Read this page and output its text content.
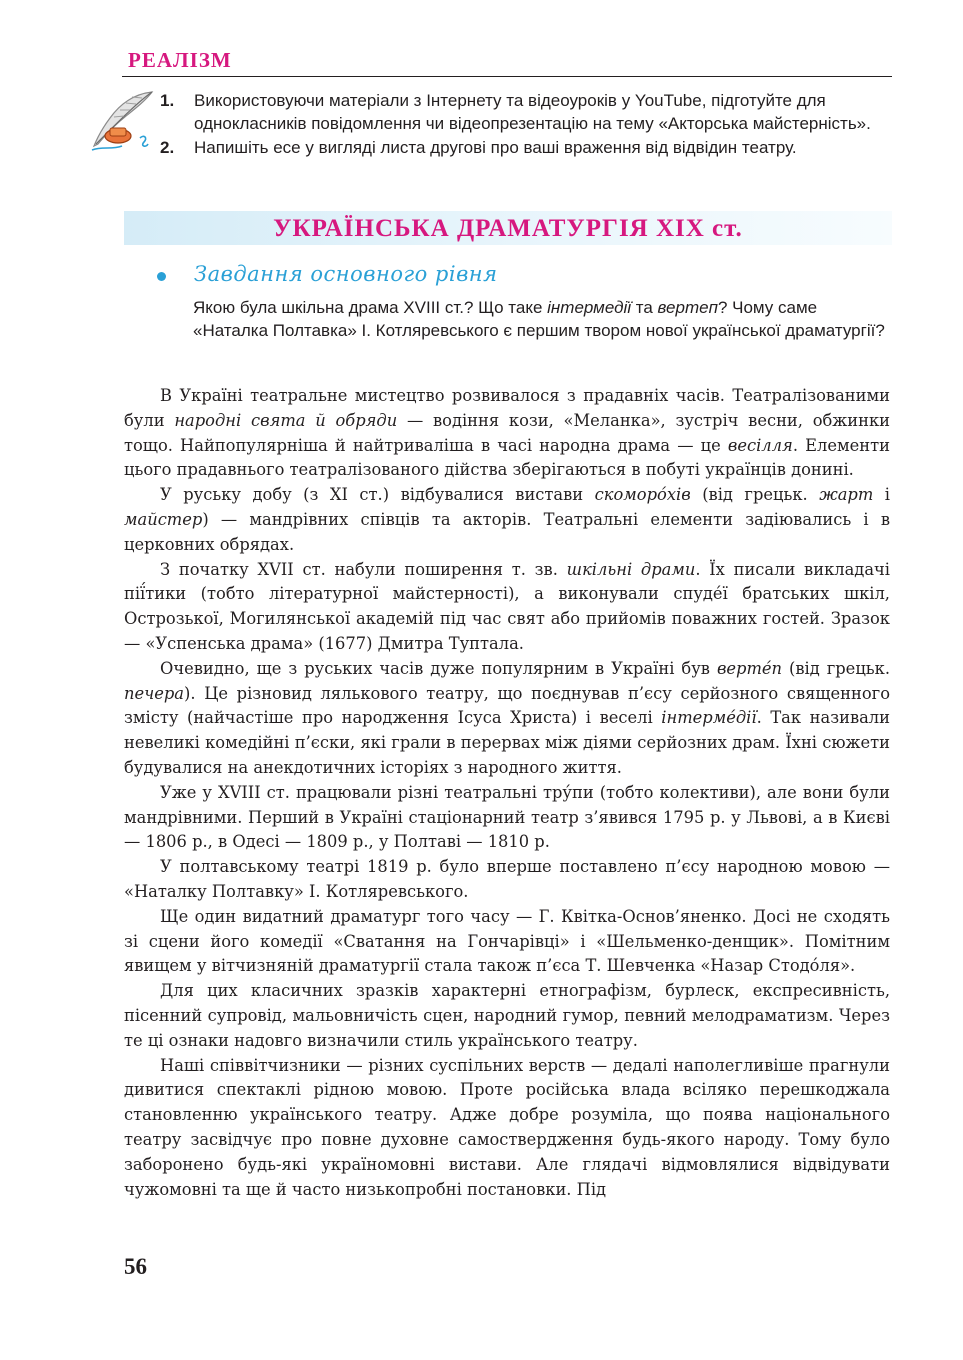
РЕАЛІЗМ
1. Використовуючи матеріали з Інтернету та відеоуроків у YouTube, підготуйте для однокласників повідомлення чи відеопрезентацію на тему «Акторська майстерність».
2. Напишіть есе у вигляді листа другові про ваші враження від відвідин театру.
УКРАЇНСЬКА ДРАМАТУРГІЯ XIX ст.
Завдання основного рівня
Якою була шкільна драма XVIII ст.? Що таке інтермедії та вертеп? Чому саме «Наталка Полтавка» І. Котляревського є першим твором нової української драматургії?

В Україні театральне мистецтво розвивалося з прадавніх часів. Театралізованими були народні свята й обряди — водіння кози, «Меланка», зустріч весни, обжинки тощо. Найпопулярніша й найтриваліша в часі народна драма — це весілля. Елементи цього прадавнього театралізованого дійства зберігаються в побуті українців донині.

У руську добу (з XI ст.) відбувалися вистави скоморо́хів (від грецьк. жарт і майстер) — мандрівних співців та акторів. Театральні елементи задіювались і в церковних обрядах.

З початку XVII ст. набули поширення т. зв. шкільні драми. Їх писали викладачі пії́тики (тобто літературної майстерності), а виконували спуде́ї братських шкіл, Острозької, Могилянської академій під час свят або прийомів поважних гостей. Зразок — «Успенська драма» (1677) Дмитра Туптала.

Очевидно, ще з руських часів дуже популярним в Україні був верте́п (від грецьк. печера). Це різновид лялькового театру, що поєднував п’єсу серйозного священного змісту (найчастіше про народження Ісуса Христа) і веселі інтерме́дії. Так називали невеликі комедійні п’єски, які грали в перервах між діями серйозних драм. Їхні сюжети будувалися на анекдотичних історіях з народного життя.

Уже у XVIII ст. працювали різні театральні тру́пи (тобто колективи), але вони були мандрівними. Перший в Україні стаціонарний театр з’явився 1795 р. у Львові, а в Києві — 1806 р., в Одесі — 1809 р., у Полтаві — 1810 р.

У полтавському театрі 1819 р. було вперше поставлено п’єсу народною мовою — «Наталку Полтавку» І. Котляревського.

Ще один видатний драматург того часу — Г. Квітка-Основ’яненко. Досі не сходять зі сцени його комедії «Сватання на Гончарівці» і «Шельменко-денщик». Помітним явищем у вітчизняній драматургії стала також п’єса Т. Шевченка «Назар Стодо́ля».

Для цих класичних зразків характерні етнографізм, бурлеск, експресивність, пісенний супровід, мальовничість сцен, народний гумор, певний мелодраматизм. Через те ці ознаки надовго визначили стиль українського театру.

Наші співвітчизники — різних суспільних верств — дедалі наполегливіше прагнули дивитися спектаклі рідною мовою. Проте російська влада всіляко перешкоджала становленню українського театру. Адже добре розуміла, що поява національного театру засвідчує про повне духовне самоствердження будь-якого народу. Тому було заборонено будь-які україномовні вистави. Але глядачі відмовлялися відвідувати чужомовні та ще й часто низькопробні постановки. Під

56
